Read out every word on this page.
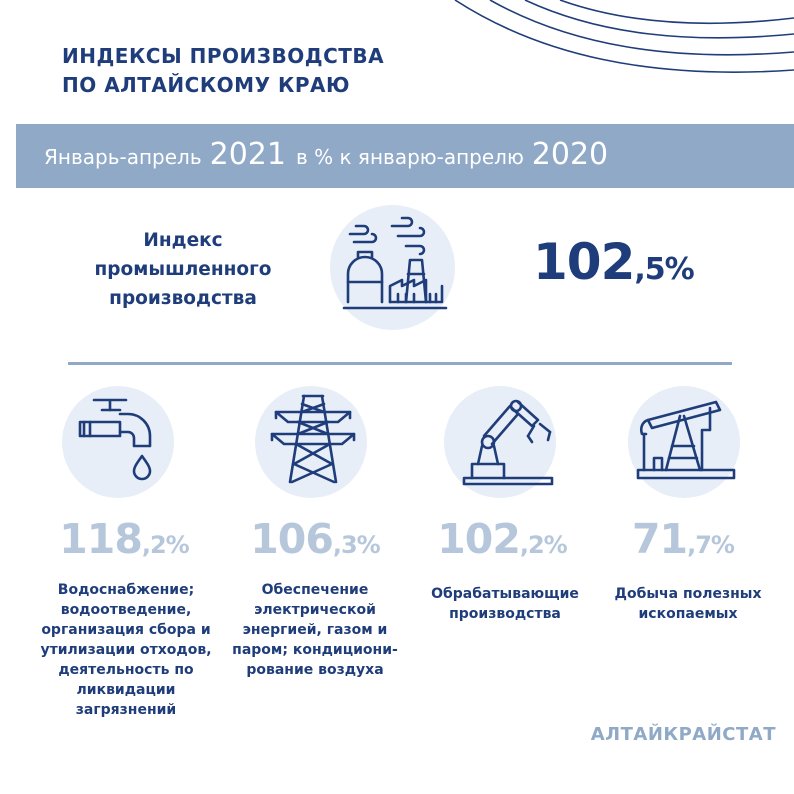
ИНДЕКСЫ ПРОИЗВОДСТВА
ПО АЛТАЙСКОМУ КРАЮ
Январь-апрель 2021 в % к январю-апрелю 2020
Индекс промышленного производства
102,5%
118,2%	106,3%	102,2%	71,7%
Водоснабжение; водоотведение, организация сбора и утилизации отходов, деятельность по ликвидации загрязнений
Обеспечение электрической энергией, газом и паром; кондициони-рование воздуха
Обрабатывающие производства
Добыча полезных ископаемых
АЛТАЙКРАЙСТАТ
